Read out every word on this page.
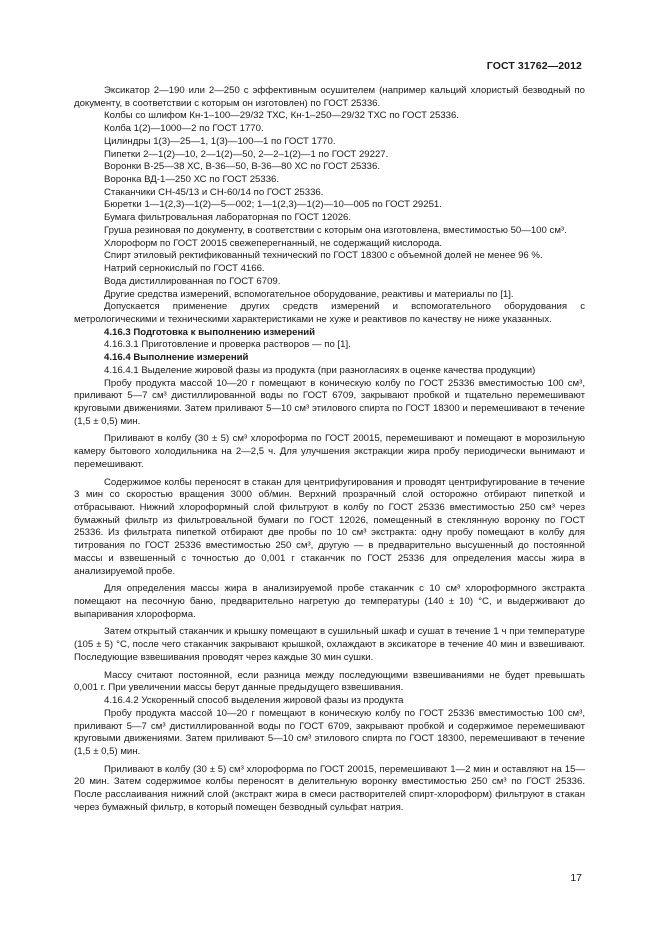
ГОСТ 31762—2012

Эксикатор 2—190 или 2—250 с эффективным осушителем (например кальций хлористый безводный по документу, в соответствии с которым он изготовлен) по ГОСТ 25336.

Колбы со шлифом Кн-1–100—29/32 ТХС, Кн-1–250—29/32 ТХС по ГОСТ 25336.

Колба 1(2)—1000—2 по ГОСТ 1770.

Цилиндры 1(3)—25—1, 1(3)—100—1 по ГОСТ 1770.

Пипетки 2—1(2)—10, 2—1(2)—50, 2—2–1(2)—1 по ГОСТ 29227.

Воронки В-25—38 ХС, В-36—50, В-36—80 ХС по ГОСТ 25336.

Воронка ВД-1—250 ХС по ГОСТ 25336.

Стаканчики СН-45/13 и СН-60/14 по ГОСТ 25336.

Бюретки 1—1(2,3)—1(2)—5—002; 1—1(2,3)—1(2)—10—005 по ГОСТ 29251.

Бумага фильтровальная лабораторная по ГОСТ 12026.

Груша резиновая по документу, в соответствии с которым она изготовлена, вместимостью 50—100 см³.

Хлороформ по ГОСТ 20015 свежеперегнанный, не содержащий кислорода.

Спирт этиловый ректификованный технический по ГОСТ 18300 с объемной долей не менее 96 %.

Натрий сернокислый по ГОСТ 4166.

Вода дистиллированная по ГОСТ 6709.

Другие средства измерений, вспомогательное оборудование, реактивы и материалы по [1].

Допускается применение других средств измерений и вспомогательного оборудования с метрологическими и техническими характеристиками не хуже и реактивов по качеству не ниже указанных.

4.16.3 Подготовка к выполнению измерений

4.16.3.1 Приготовление и проверка растворов — по [1].

4.16.4 Выполнение измерений

4.16.4.1 Выделение жировой фазы из продукта (при разногласиях в оценке качества продукции)

Пробу продукта массой 10—20 г помещают в коническую колбу по ГОСТ 25336 вместимостью 100 см³, приливают 5—7 см³ дистиллированной воды по ГОСТ 6709, закрывают пробкой и тщательно перемешивают круговыми движениями. Затем приливают 5—10 см³ этилового спирта по ГОСТ 18300 и перемешивают в течение (1,5 ± 0,5) мин.

Приливают в колбу (30 ± 5) см³ хлороформа по ГОСТ 20015, перемешивают и помещают в морозильную камеру бытового холодильника на 2—2,5 ч. Для улучшения экстракции жира пробу периодически вынимают и перемешивают.

Содержимое колбы переносят в стакан для центрифугирования и проводят центрифугирование в течение 3 мин со скоростью вращения 3000 об/мин. Верхний прозрачный слой осторожно отбирают пипеткой и отбрасывают. Нижний хлороформный слой фильтруют в колбу по ГОСТ 25336 вместимостью 250 см³ через бумажный фильтр из фильтровальной бумаги по ГОСТ 12026, помещенный в стеклянную воронку по ГОСТ 25336. Из фильтрата пипеткой отбирают две пробы по 10 см³ экстракта: одну пробу помещают в колбу для титрования по ГОСТ 25336 вместимостью 250 см³, другую — в предварительно высушенный до постоянной массы и взвешенный с точностью до 0,001 г стаканчик по ГОСТ 25336 для определения массы жира в анализируемой пробе.

Для определения массы жира в анализируемой пробе стаканчик с 10 см³ хлороформного экстракта помещают на песочную баню, предварительно нагретую до температуры (140 ± 10) °С, и выдерживают до выпаривания хлороформа.

Затем открытый стаканчик и крышку помещают в сушильный шкаф и сушат в течение 1 ч при температуре (105 ± 5) °С, после чего стаканчик закрывают крышкой, охлаждают в эксикаторе в течение 40 мин и взвешивают. Последующие взвешивания проводят через каждые 30 мин сушки.

Массу считают постоянной, если разница между последующими взвешиваниями не будет превышать 0,001 г. При увеличении массы берут данные предыдущего взвешивания.

4.16.4.2 Ускоренный способ выделения жировой фазы из продукта

Пробу продукта массой 10—20 г помещают в коническую колбу по ГОСТ 25336 вместимостью 100 см³, приливают 5—7 см³ дистиллированной воды по ГОСТ 6709, закрывают пробкой и содержимое перемешивают круговыми движениями. Затем приливают 5—10 см³ этилового спирта по ГОСТ 18300, перемешивают в течение (1,5 ± 0,5) мин.

Приливают в колбу (30 ± 5) см³ хлороформа по ГОСТ 20015, перемешивают 1—2 мин и оставляют на 15—20 мин. Затем содержимое колбы переносят в делительную воронку вместимостью 250 см³ по ГОСТ 25336. После расслаивания нижний слой (экстракт жира в смеси растворителей спирт-хлороформ) фильтруют в стакан через бумажный фильтр, в который помещен безводный сульфат натрия.

17
